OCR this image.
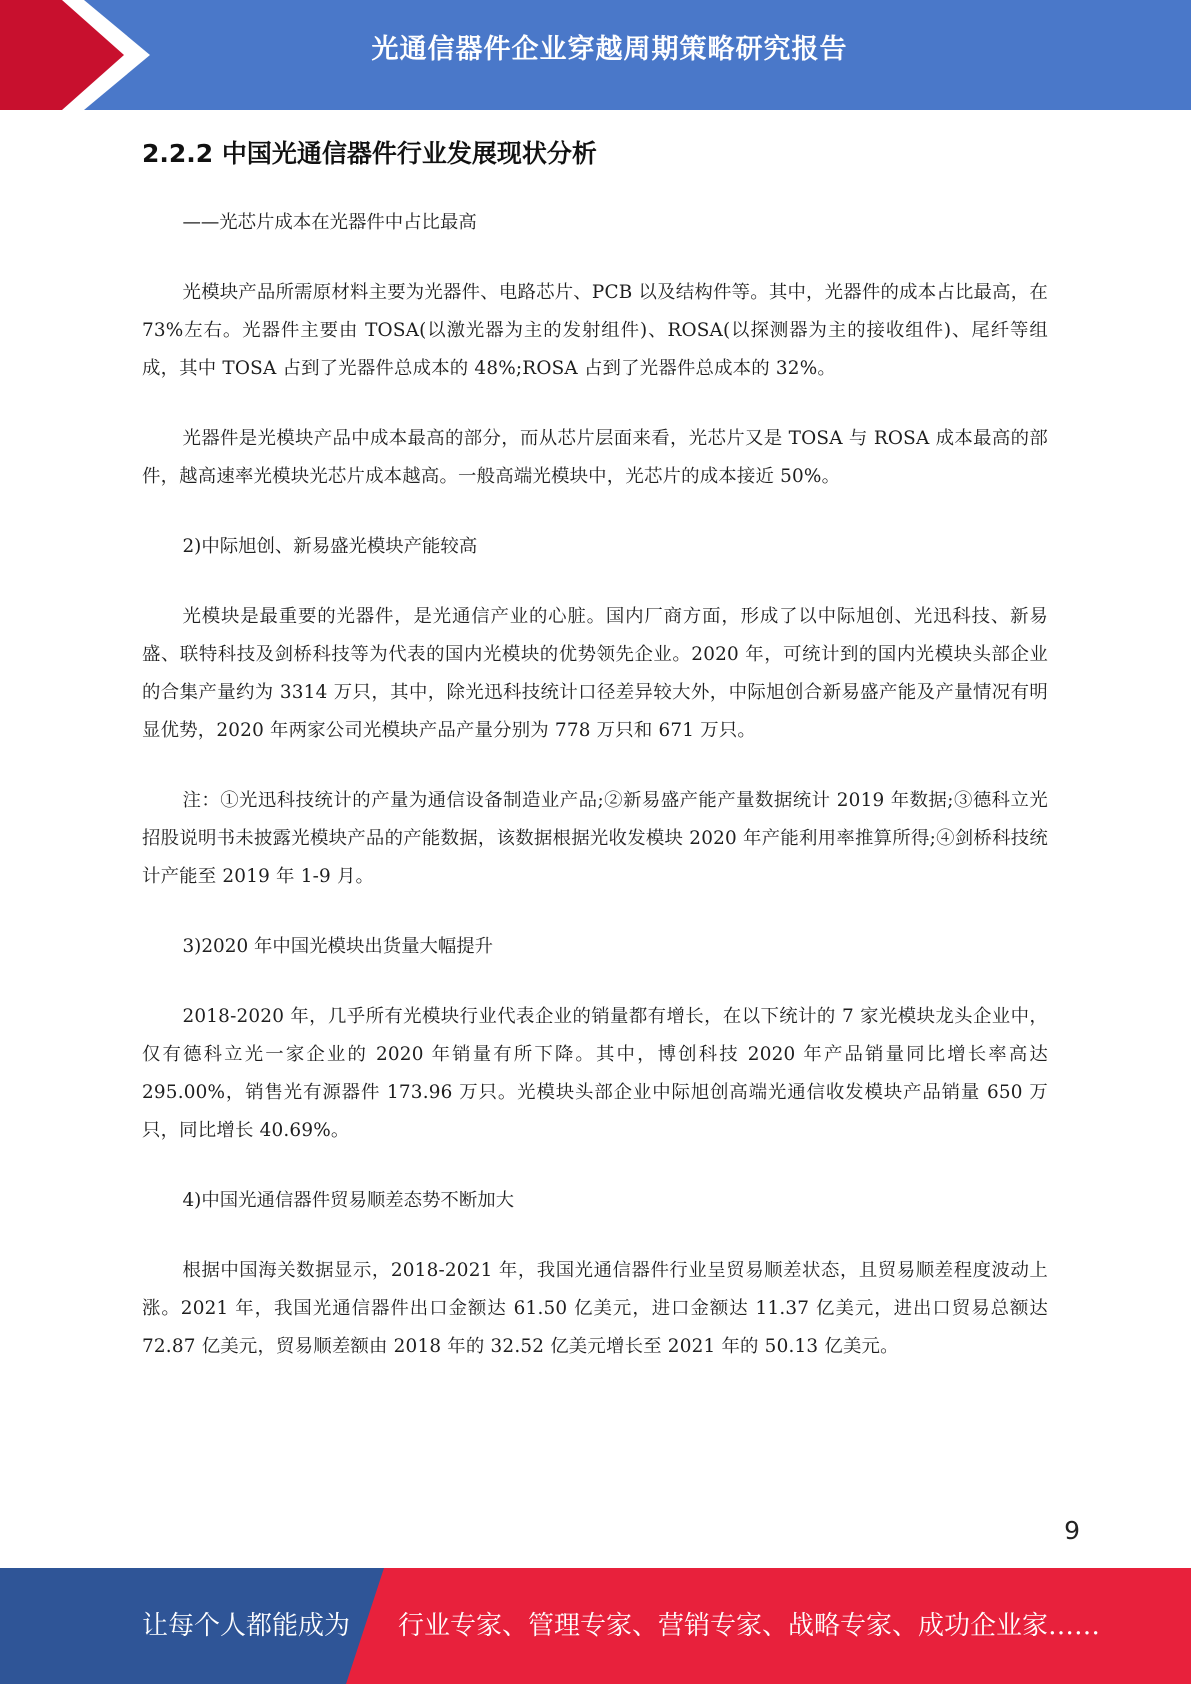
光通信器件企业穿越周期策略研究报告
2.2.2 中国光通信器件行业发展现状分析

——光芯片成本在光器件中占比最高

光模块产品所需原材料主要为光器件、电路芯片、PCB 以及结构件等。其中，光器件的成本占比最高，在 73%左右。光器件主要由 TOSA(以激光器为主的发射组件)、ROSA(以探测器为主的接收组件)、尾纤等组成，其中 TOSA 占到了光器件总成本的 48%;ROSA 占到了光器件总成本的 32%。

光器件是光模块产品中成本最高的部分，而从芯片层面来看，光芯片又是 TOSA 与 ROSA 成本最高的部件，越高速率光模块光芯片成本越高。一般高端光模块中，光芯片的成本接近 50%。

2)中际旭创、新易盛光模块产能较高

光模块是最重要的光器件，是光通信产业的心脏。国内厂商方面，形成了以中际旭创、光迅科技、新易盛、联特科技及剑桥科技等为代表的国内光模块的优势领先企业。2020 年，可统计到的国内光模块头部企业的合集产量约为 3314 万只，其中，除光迅科技统计口径差异较大外，中际旭创合新易盛产能及产量情况有明显优势，2020 年两家公司光模块产品产量分别为 778 万只和 671 万只。

注：①光迅科技统计的产量为通信设备制造业产品;②新易盛产能产量数据统计 2019 年数据;③德科立光招股说明书未披露光模块产品的产能数据，该数据根据光收发模块 2020 年产能利用率推算所得;④剑桥科技统计产能至 2019 年 1-9 月。

3)2020 年中国光模块出货量大幅提升

2018-2020 年，几乎所有光模块行业代表企业的销量都有增长，在以下统计的 7 家光模块龙头企业中，仅有德科立光一家企业的 2020 年销量有所下降。其中，博创科技 2020 年产品销量同比增长率高达 295.00%，销售光有源器件 173.96 万只。光模块头部企业中际旭创高端光通信收发模块产品销量 650 万只，同比增长 40.69%。

4)中国光通信器件贸易顺差态势不断加大

根据中国海关数据显示，2018-2021 年，我国光通信器件行业呈贸易顺差状态，且贸易顺差程度波动上涨。2021 年，我国光通信器件出口金额达 61.50 亿美元，进口金额达 11.37 亿美元，进出口贸易总额达 72.87 亿美元，贸易顺差额由 2018 年的 32.52 亿美元增长至 2021 年的 50.13 亿美元。

9
让每个人都能成为 行业专家、管理专家、营销专家、战略专家、成功企业家……
